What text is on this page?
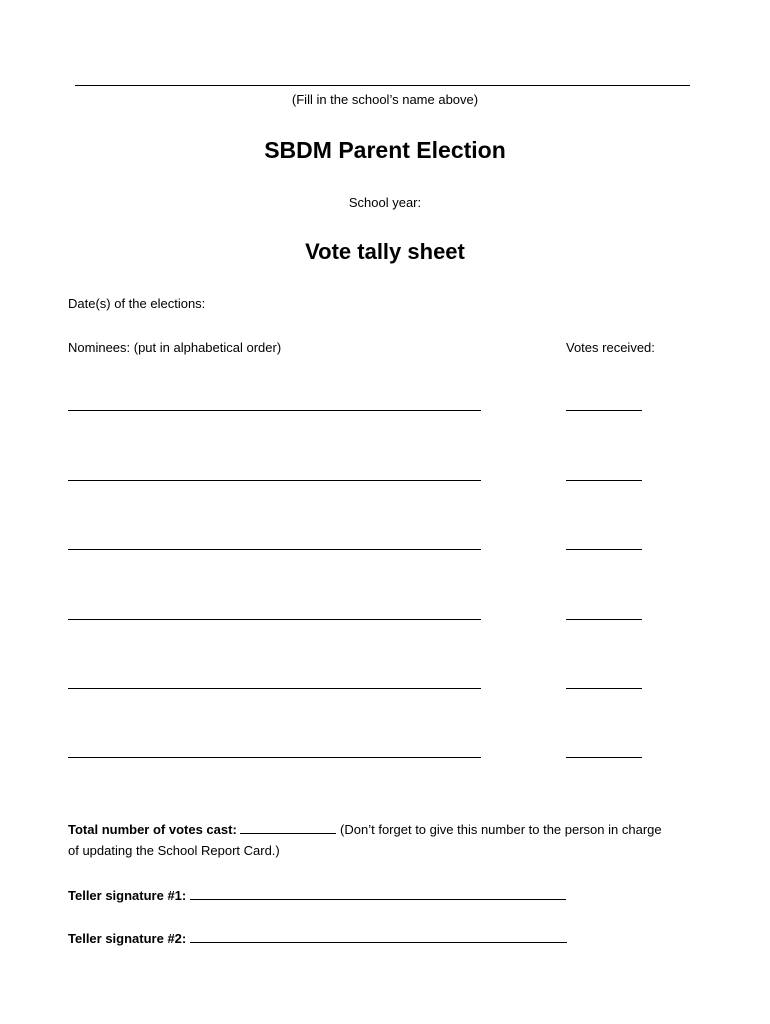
(Fill in the school’s name above)
SBDM Parent Election
School year:
Vote tally sheet
Date(s) of the elections:
Nominees: (put in alphabetical order)	Votes received:
Total number of votes cast:	(Don’t forget to give this number to the person in charge
of updating the School Report Card.)
Teller signature #1:
Teller signature #2:
